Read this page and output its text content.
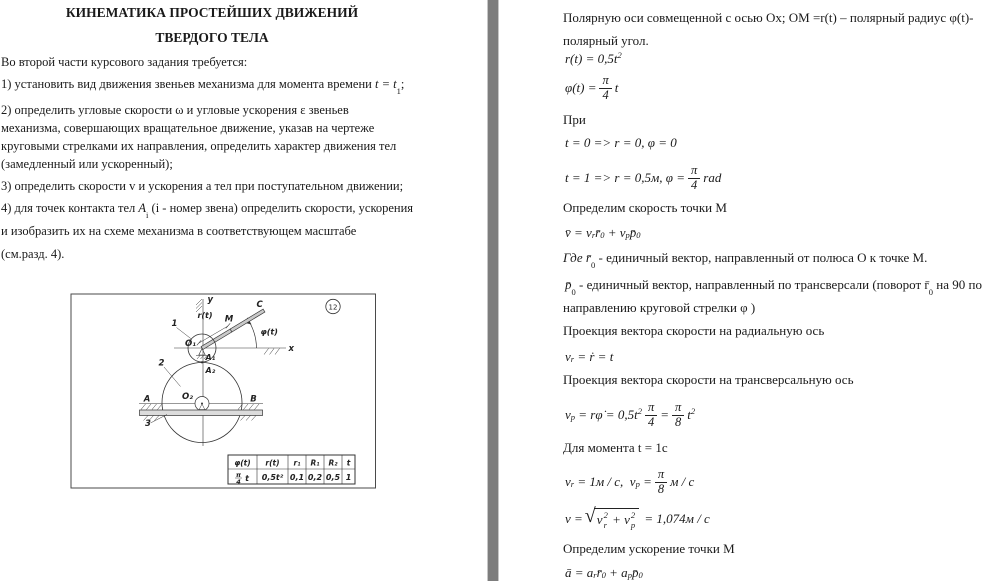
КИНЕМАТИКА ПРОСТЕЙШИХ ДВИЖЕНИЙ
ТВЕРДОГО ТЕЛА
Во второй части курсового задания требуется:
1) установить вид движения звеньев механизма для момента времени $t = t_1$;
2) определить угловые скорости ω и угловые ускорения ε звеньев
механизма, совершающих вращательное движение, указав на чертеже
круговыми стрелками их направления, определить характер движения тел
(замедленный или ускоренный);
3) определить скорости v и ускорения а тел при поступательном движении;
4) для точек контакта тел $А_i$ (i - номер звена) определить скорости, ускорения
и изобразить их на схеме механизма в соответствующем масштабе
(см.разд. 4).
12
y
x
φ(t)
C
M
r(t)
O₁
1
A₁
A₂
2
A	B
O₂
3
φ(t) r(t) r₁ R₁ R₂ t
π
4 t 0,5t² 0,1 0,2 0,5 1
Полярную оси совмещенной с осью Ox; ОМ =r(t) – полярный радиус φ(t)-
полярный угол.
$r(t) = 0,5t^2$
$\varphi(t) = \frac{\pi}{4}$ t
При
t = 0 => r = 0, φ = 0
t = 1 => r = 0,5м, $\varphi = \frac{\pi}{4}$ rad
Определим скорость точки М
v̄ = $v_r$ $r̄_0 + v_p$ $p̄_0$
Где $r̄_0$ - единичный вектор, направленный от полюса О к точке М.
$p̄_0$ - единичный вектор, направленный по трансверсали (поворот $r̄_0$ на 90 по
направлению круговой стрелки φ )
Проекция вектора скорости на радиальную ось
$v_r$ = ṙ = t
Проекция вектора скорости на трансверсальную ось
$v_p$ = rφ̇ = $0,5t^2 \frac{\pi}{4} = \frac{\pi}{8} t^2$
Для момента t = 1c
$v_r = 1м / с$,  $v_p = \frac{\pi}{8}$ м / с
v = √ v 2
r + v 2
p = 1,074м / с
Определим ускорение точки М
ā = $a_r$ $r̄_0 + a_p$ $p̄_0$
